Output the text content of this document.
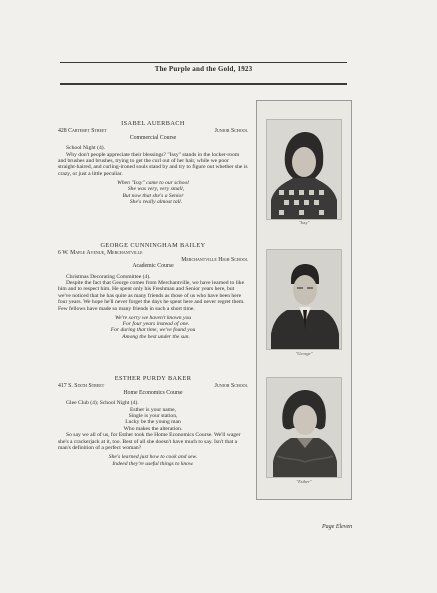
The Purple and the Gold, 1923
ISABEL AUERBACH
428 Carteret Street	Junior School
Commercial Course

School Night (4).

Why don't people appreciate their blessings? "Issy" stands in the locker-room and brushes and brushes, trying to get the curl out of her hair, while we poor straight-haired, and curling-ironed souls stand by and try to figure out whether she is crazy, or just a little peculiar.

When "Issy" came to our school
She was very, very small,
But now that she's a Senior
She's really almost tall.
GEORGE CUNNINGHAM BAILEY
6 W. Maple Avenue, Merchantville
Merchantville High School
Academic Course

Christmas Decorating Committee (4).

Despite the fact that George comes from Merchantville, we have learned to like him and to respect him. He spent only his Freshman and Senior years here, but we've noticed that he has quite as many friends as those of us who have been here four years. We hope he'll never forget the days he spent here and never regret them. Few fellows have made so many friends in such a short time.

We're sorry we haven't known you
For four years instead of one.
For during that time, we've found you
Among the best under the sun.
ESTHER PURDY BAKER
417 S. Sixth Street	Junior School
Home Economics Course

Glee Club (4); School Night (4).

Esther is your name,
Single is your station,
Lucky be the young man
Who makes the alteration.

So say we all of us, for Esther took the Home Economics Course. We'll wager she's a crackerjack at it, too. Best of all she doesn't have much to say. Isn't that a man's definition of a perfect woman?

She's learned just how to cook and sew.
Indeed they're useful things to know.
"Issy"
"George"
"Esther"
Page Eleven
